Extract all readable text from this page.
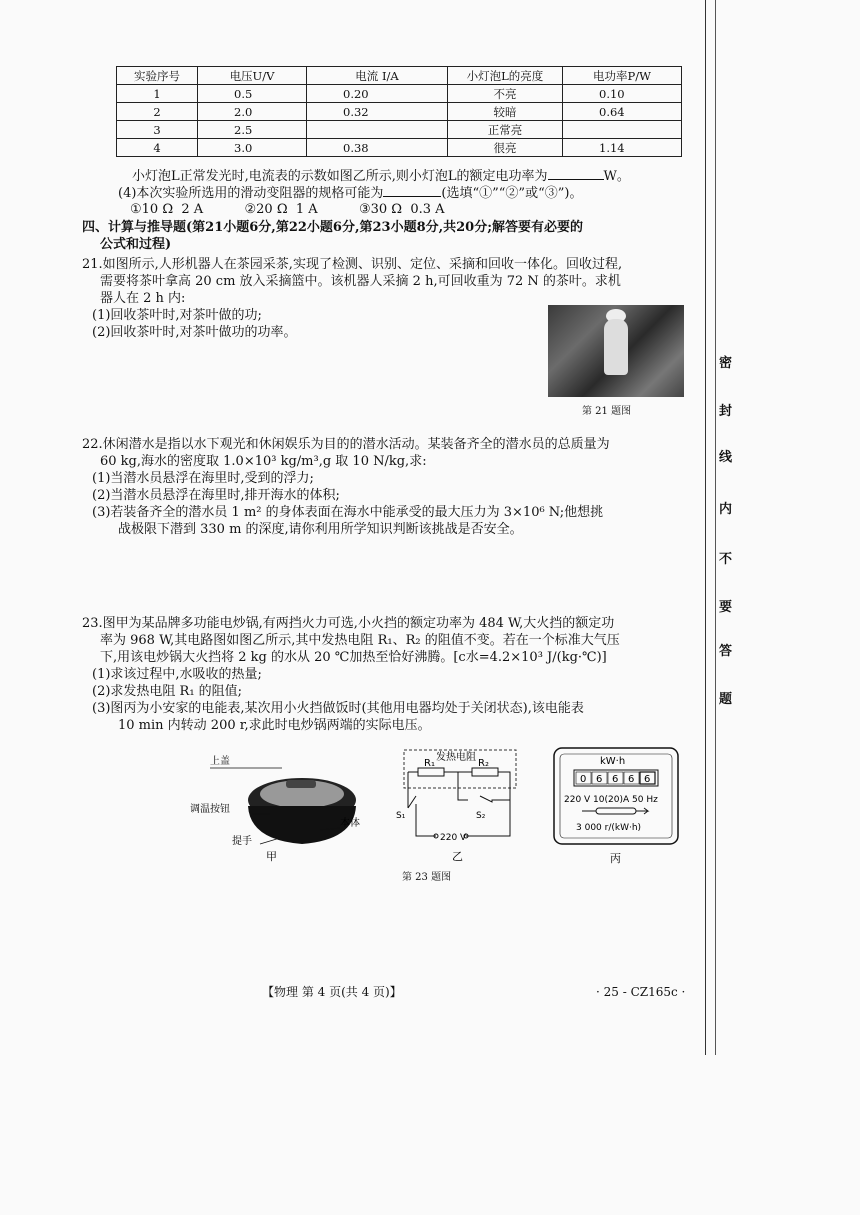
实验序号	电压U/V	电流 I/A	小灯泡L的亮度	电功率P/W
1	0.5	0.20	不亮	0.10
2	2.0	0.32	较暗	0.64
3	2.5		正常亮	
4	3.0	0.38	很亮	1.14
小灯泡L正常发光时,电流表的示数如图乙所示,则小灯泡L的额定电功率为	W。
(4)本次实验所选用的滑动变阻器的规格可能为	(选填“①”“②”或“③”)。
①10 Ω  2 A          ②20 Ω  1 A          ③30 Ω  0.3 A
四、计算与推导题(第21小题6分,第22小题6分,第23小题8分,共20分;解答要有必要的
公式和过程)
21.如图所示,人形机器人在茶园采茶,实现了检测、识别、定位、采摘和回收一体化。回收过程,
需要将茶叶拿高 20 cm 放入采摘篮中。该机器人采摘 2 h,可回收重为 72 N 的茶叶。求机
器人在 2 h 内:
(1)回收茶叶时,对茶叶做的功;
(2)回收茶叶时,对茶叶做功的功率。
第 21 题图
22.休闲潜水是指以水下观光和休闲娱乐为目的的潜水活动。某装备齐全的潜水员的总质量为
60 kg,海水的密度取 1.0×10³ kg/m³,g 取 10 N/kg,求:
(1)当潜水员悬浮在海里时,受到的浮力;
(2)当潜水员悬浮在海里时,排开海水的体积;
(3)若装备齐全的潜水员 1 m² 的身体表面在海水中能承受的最大压力为 3×10⁶ N;他想挑
战极限下潜到 330 m 的深度,请你利用所学知识判断该挑战是否安全。
23.图甲为某品牌多功能电炒锅,有两挡火力可选,小火挡的额定功率为 484 W,大火挡的额定功
率为 968 W,其电路图如图乙所示,其中发热电阻 R₁、R₂ 的阻值不变。若在一个标准大气压
下,用该电炒锅大火挡将 2 kg 的水从 20 ℃加热至恰好沸腾。[c水=4.2×10³ J/(kg·℃)]
(1)求该过程中,水吸收的热量;
(2)求发热电阻 R₁ 的阻值;
(3)图丙为小安家的电能表,某次用小火挡做饭时(其他用电器均处于关闭状态),该电能表
10 min 内转动 200 r,求此时电炒锅两端的实际电压。
上盖
调温按钮
提手
本体
甲
发热电阻
R₁	R₂
S₁	S₂
220 V
乙
kW·h
0 6 6 6 6
220 V 10(20)A 50 Hz
3 000 r/(kW·h)
丙
第 23 题图
【物理 第 4 页(共 4 页)】	· 25 - CZ165c ·
密
封
线
内
不
要
答
题
